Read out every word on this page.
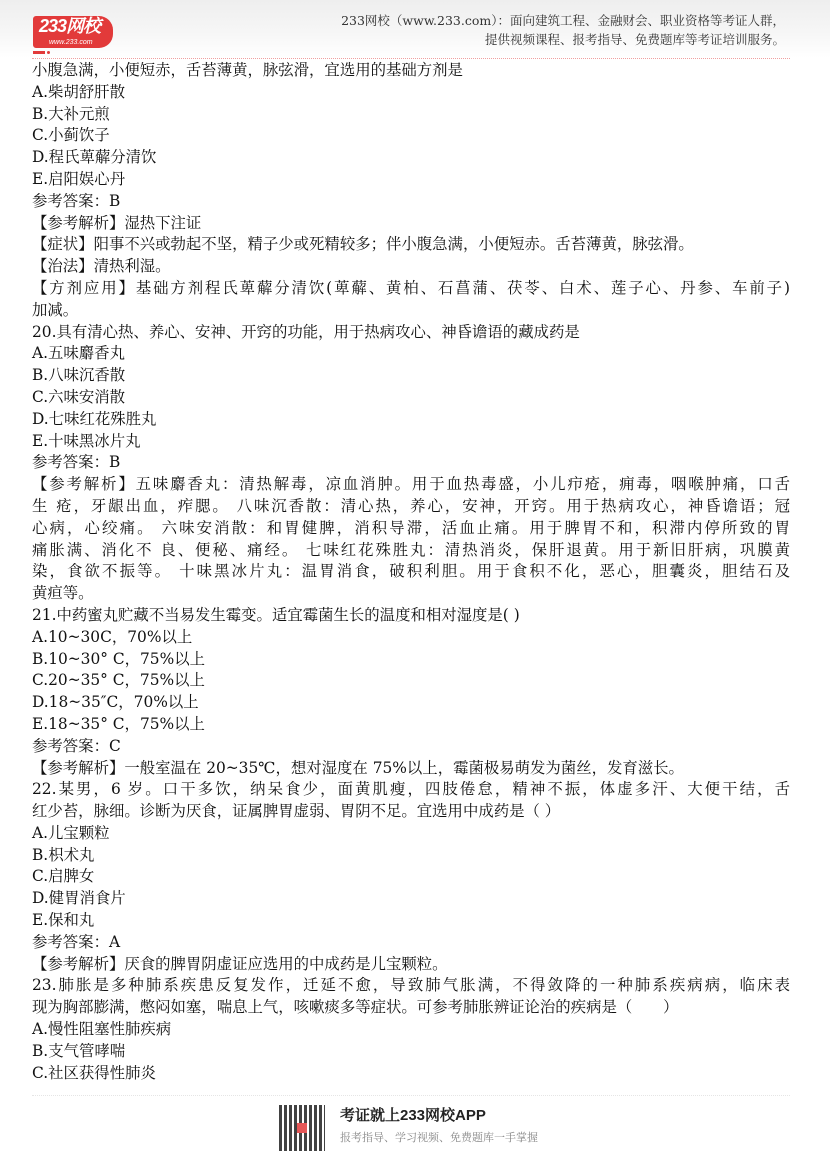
233网校
www.233.com
233网校（www.233.com）：面向建筑工程、金融财会、职业资格等考证人群，
提供视频课程、报考指导、免费题库等考证培训服务。
小腹急满，小便短赤，舌苔薄黄，脉弦滑，宜选用的基础方剂是
A.柴胡舒肝散
B.大补元煎
C.小蓟饮子
D.程氏萆薢分清饮
E.启阳娱心丹
参考答案：B
【参考解析】湿热下注证
【症状】阳事不兴或勃起不坚，精子少或死精较多；伴小腹急满，小便短赤。舌苔薄黄，脉弦滑。
【治法】清热利湿。
【方剂应用】基础方剂程氏萆薢分清饮(萆薢、黄柏、石菖蒲、茯苓、白术、莲子心、丹参、车前子)
加减。
20.具有清心热、养心、安神、开窍的功能，用于热病攻心、神昏谵语的藏成药是
A.五味麝香丸
B.八味沉香散
C.六味安消散
D.七味红花殊胜丸
E.十味黑冰片丸
参考答案：B
【参考解析】五味麝香丸：清热解毒，凉血消肿。用于血热毒盛，小儿疖疮，痈毒，咽喉肿痛，口舌
生 疮，牙龈出血，痄腮。 八味沉香散：清心热，养心，安神，开窍。用于热病攻心，神昏谵语；冠
心病，心绞痛。 六味安消散：和胃健脾，消积导滞，活血止痛。用于脾胃不和，积滞内停所致的胃
痛胀满、消化不 良、便秘、痛经。 七味红花殊胜丸：清热消炎，保肝退黄。用于新旧肝病，巩膜黄
染，食欲不振等。 十味黑冰片丸：温胃消食，破积利胆。用于食积不化，恶心，胆囊炎，胆结石及
黄疸等。
21.中药蜜丸贮藏不当易发生霉变。适宜霉菌生长的温度和相对湿度是( )
A.10~30C，70%以上
B.10~30° C，75%以上
C.20~35° C，75%以上
D.18~35″C，70%以上
E.18~35° C，75%以上
参考答案：C
【参考解析】一般室温在 20~35℃，想对湿度在 75%以上，霉菌极易萌发为菌丝，发育滋长。
22.某男，6 岁。口干多饮，纳呆食少，面黄肌瘦，四肢倦怠，精神不振，体虚多汗、大便干结，舌
红少苔，脉细。诊断为厌食，证属脾胃虚弱、胃阴不足。宜选用中成药是（ ）
A.儿宝颗粒
B.枳术丸
C.启脾女
D.健胃消食片
E.保和丸
参考答案：A
【参考解析】厌食的脾胃阴虚证应选用的中成药是儿宝颗粒。
23.肺胀是多种肺系疾患反复发作，迁延不愈，导致肺气胀满，不得敛降的一种肺系疾病病，临床表
现为胸部膨满，憋闷如塞，喘息上气，咳嗽痰多等症状。可参考肺胀辨证论治的疾病是（　　）
A.慢性阻塞性肺疾病
B.支气管哮喘
C.社区获得性肺炎
考证就上233网校APP
报考指导、学习视频、免费题库一手掌握
